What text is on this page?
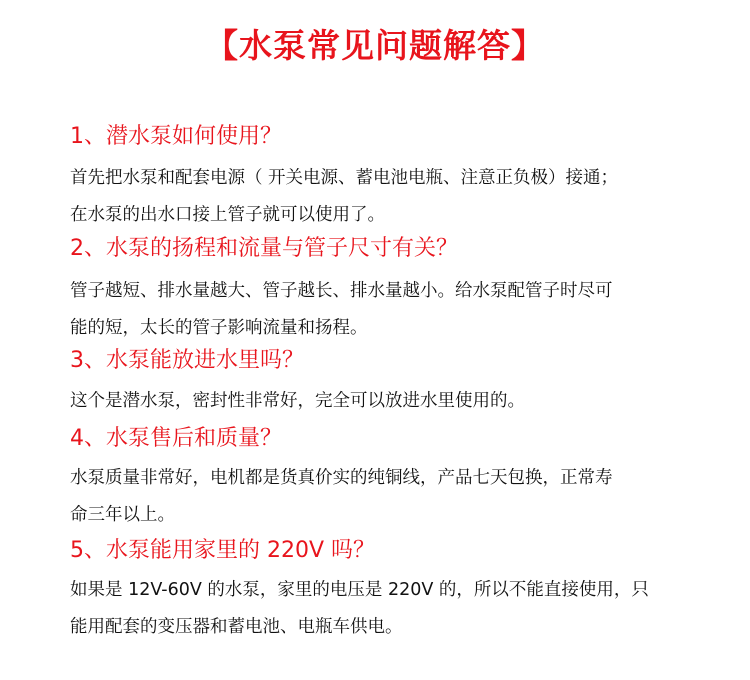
【水泵常见问题解答】
1、潜水泵如何使用？
首先把水泵和配套电源（ 开关电源、蓄电池电瓶、注意正负极）接通；
在水泵的出水口接上管子就可以使用了。
2、水泵的扬程和流量与管子尺寸有关？
管子越短、排水量越大、管子越长、排水量越小。给水泵配管子时尽可
能的短，太长的管子影响流量和扬程。
3、水泵能放进水里吗？
这个是潜水泵，密封性非常好，完全可以放进水里使用的。
4、水泵售后和质量？
水泵质量非常好，电机都是货真价实的纯铜线，产品七天包换，正常寿
命三年以上。
5、水泵能用家里的 220V 吗？
如果是 12V-60V 的水泵，家里的电压是 220V 的，所以不能直接使用，只
能用配套的变压器和蓄电池、电瓶车供电。
